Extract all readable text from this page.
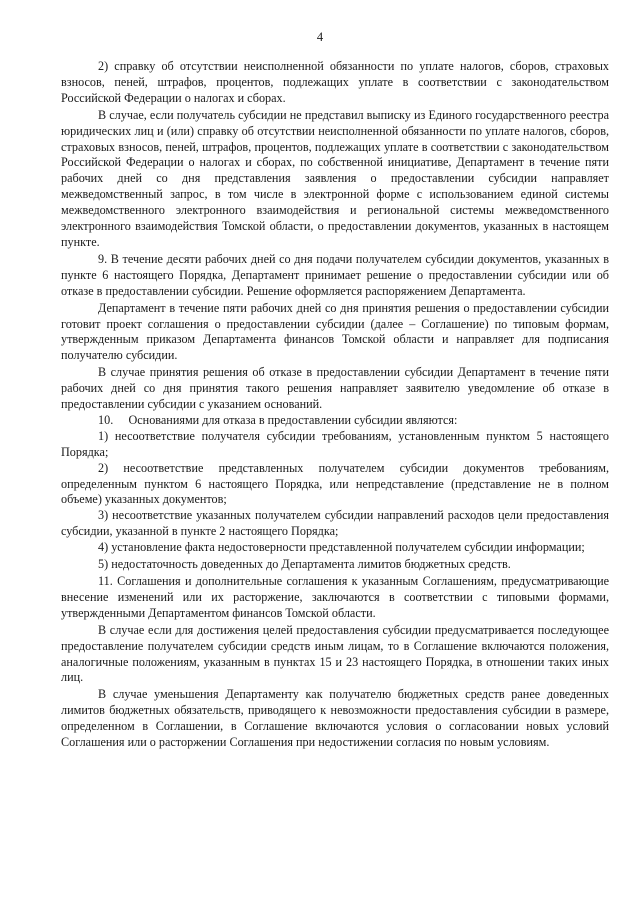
4

2) справку об отсутствии неисполненной обязанности по уплате налогов, сборов, страховых взносов, пеней, штрафов, процентов, подлежащих уплате в соответствии с законодательством Российской Федерации о налогах и сборах.

В случае, если получатель субсидии не представил выписку из Единого государственного реестра юридических лиц и (или) справку об отсутствии неисполненной обязанности по уплате налогов, сборов, страховых взносов, пеней, штрафов, процентов, подлежащих уплате в соответствии с законодательством Российской Федерации о налогах и сборах, по собственной инициативе, Департамент в течение пяти рабочих дней со дня представления заявления о предоставлении субсидии направляет межведомственный запрос, в том числе в электронной форме с использованием единой системы межведомственного электронного взаимодействия и региональной системы межведомственного электронного взаимодействия Томской области, о предоставлении документов, указанных в настоящем пункте.

9. В течение десяти рабочих дней со дня подачи получателем субсидии документов, указанных в пункте 6 настоящего Порядка, Департамент принимает решение о предоставлении субсидии или об отказе в предоставлении субсидии. Решение оформляется распоряжением Департамента.

Департамент в течение пяти рабочих дней со дня принятия решения о предоставлении субсидии готовит проект соглашения о предоставлении субсидии (далее – Соглашение) по типовым формам, утвержденным приказом Департамента финансов Томской области и направляет для подписания получателю субсидии.

В случае принятия решения об отказе в предоставлении субсидии Департамент в течение пяти рабочих дней со дня принятия такого решения направляет заявителю уведомление об отказе в предоставлении субсидии с указанием оснований.

10.     Основаниями для отказа в предоставлении субсидии являются:

1) несоответствие получателя субсидии требованиям, установленным пунктом 5 настоящего Порядка;

2) несоответствие представленных получателем субсидии документов требованиям, определенным пунктом 6 настоящего Порядка, или непредставление (представление не в полном объеме) указанных документов;

3) несоответствие указанных получателем субсидии направлений расходов цели предоставления субсидии, указанной в пункте 2 настоящего Порядка;

4) установление факта недостоверности представленной получателем субсидии информации;

5) недостаточность доведенных до Департамента лимитов бюджетных средств.

11. Соглашения и дополнительные соглашения к указанным Соглашениям, предусматривающие внесение изменений или их расторжение, заключаются в соответствии с типовыми формами, утвержденными Департаментом финансов Томской области.

В случае если для достижения целей предоставления субсидии предусматривается последующее предоставление получателем субсидии средств иным лицам, то в Соглашение включаются положения, аналогичные положениям, указанным в пунктах 15 и 23 настоящего Порядка, в отношении таких иных лиц.

В случае уменьшения Департаменту как получателю бюджетных средств ранее доведенных лимитов бюджетных обязательств, приводящего к невозможности предоставления субсидии в размере, определенном в Соглашении, в Соглашение включаются условия о согласовании новых условий Соглашения или о расторжении Соглашения при недостижении согласия по новым условиям.
